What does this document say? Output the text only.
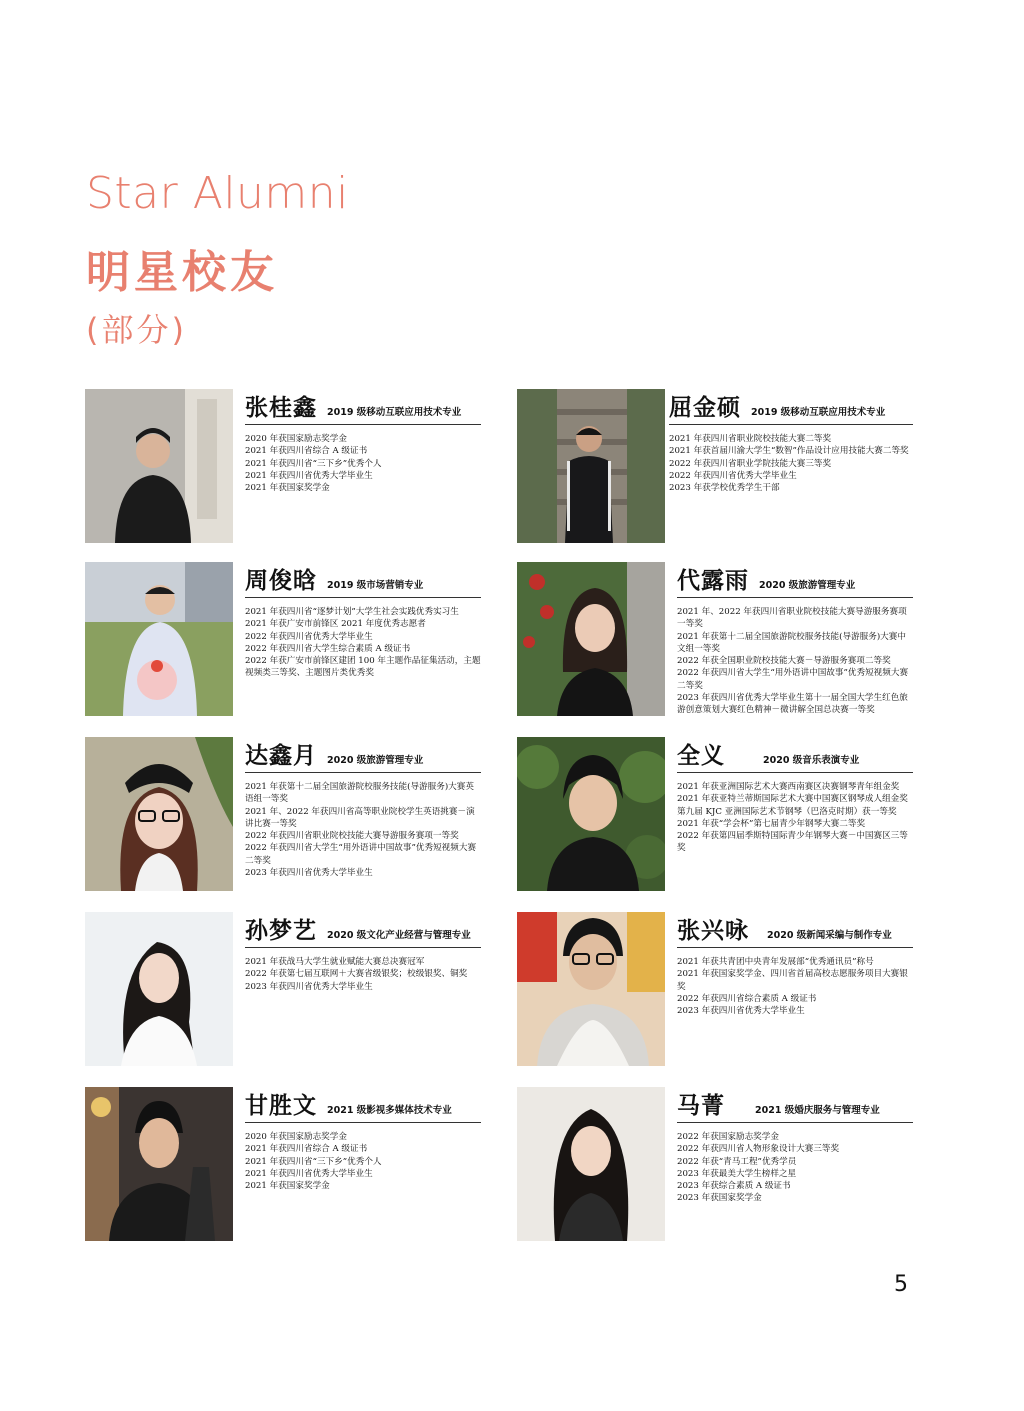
Star Alumni
明星校友
(部分)
张桂鑫 2019 级移动互联应用技术专业
2020 年获国家励志奖学金
2021 年获四川省综合 A 级证书
2021 年获四川省“三下乡”优秀个人
2021 年获四川省优秀大学毕业生
2021 年获国家奖学金
屈金硕 2019 级移动互联应用技术专业
2021 年获四川省职业院校技能大赛二等奖
2021 年获首届川渝大学生“数智”作品设计应用技能大赛二等奖
2022 年获四川省职业学院技能大赛三等奖
2022 年获四川省优秀大学毕业生
2023 年获学校优秀学生干部
周俊晗 2019 级市场营销专业
2021 年获四川省“逐梦计划”大学生社会实践优秀实习生
2021 年获广安市前锋区 2021 年度优秀志愿者
2022 年获四川省优秀大学毕业生
2022 年获四川省大学生综合素质 A 级证书
2022 年获广安市前锋区建团 100 年主题作品征集活动，主题视频类三等奖、主题图片类优秀奖
代露雨 2020 级旅游管理专业
2021 年、2022 年获四川省职业院校技能大赛导游服务赛项一等奖
2021 年获第十二届全国旅游院校服务技能(导游服务)大赛中文组一等奖
2022 年获全国职业院校技能大赛－导游服务赛项二等奖
2022 年获四川省大学生“用外语讲中国故事”优秀短视频大赛二等奖
2023 年获四川省优秀大学毕业生第十一届全国大学生红色旅游创意策划大赛红色精神－微讲解全国总决赛一等奖
达鑫月 2020 级旅游管理专业
2021 年获第十二届全国旅游院校服务技能(导游服务)大赛英语组一等奖
2021 年、2022 年获四川省高等职业院校学生英语挑赛－演讲比赛一等奖
2022 年获四川省职业院校技能大赛导游服务赛项一等奖
2022 年获四川省大学生“用外语讲中国故事”优秀短视频大赛二等奖
2023 年获四川省优秀大学毕业生
全义	2020 级音乐表演专业
2021 年获亚洲国际艺术大赛西南赛区决赛钢琴青年组金奖
2021 年获亚特兰蒂斯国际艺术大赛中国赛区钢琴成人组金奖
第九届 KJC 亚洲国际艺术节钢琴（巴洛克时期）获一等奖
2021 年获“学会杯”第七届青少年钢琴大赛二等奖
2022 年获第四届季斯特国际青少年钢琴大赛－中国赛区三等奖
孙梦艺 2020 级文化产业经营与管理专业
2021 年获战马大学生就业赋能大赛总决赛冠军
2022 年获第七届互联网＋大赛省级银奖；校级银奖、铜奖
2023 年获四川省优秀大学毕业生
张兴咏 2020 级新闻采编与制作专业
2021 年获共青团中央青年发展部“优秀通讯员”称号
2021 年获国家奖学金、四川省首届高校志愿服务项目大赛银奖
2022 年获四川省综合素质 A 级证书
2023 年获四川省优秀大学毕业生
甘胜文 2021 级影视多媒体技术专业
2020 年获国家励志奖学金
2021 年获四川省综合 A 级证书
2021 年获四川省“三下乡”优秀个人
2021 年获四川省优秀大学毕业生
2021 年获国家奖学金
马菁	2021 级婚庆服务与管理专业
2022 年获国家励志奖学金
2022 年获四川省人物形象设计大赛三等奖
2022 年获“青马工程”优秀学员
2023 年获最美大学生榜样之星
2023 年获综合素质 A 级证书
2023 年获国家奖学金
5
